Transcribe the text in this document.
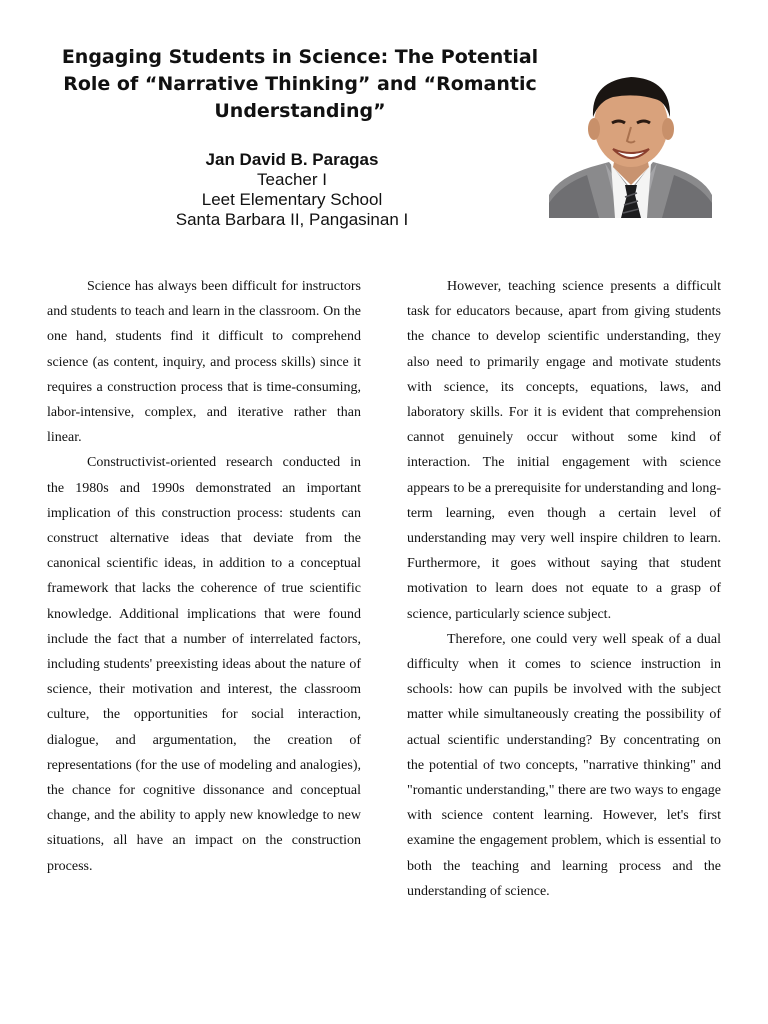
Engaging Students in Science: The Potential
Role of “Narrative Thinking” and “Romantic
Understanding”
Jan David B. Paragas
Teacher I
Leet Elementary School
Santa Barbara II, Pangasinan I

Science has always been difficult for instructors and students to teach and learn in the classroom. On the one hand, students find it difficult to comprehend science (as content, inquiry, and process skills) since it requires a construction process that is time-consuming, labor-intensive, complex, and iterative rather than linear.

Constructivist-oriented research conducted in the 1980s and 1990s demonstrated an important implication of this construction process: students can construct alternative ideas that deviate from the canonical scientific ideas, in addition to a conceptual framework that lacks the coherence of true scientific knowledge. Additional implications that were found include the fact that a number of interrelated factors, including students' preexisting ideas about the nature of science, their motivation and interest, the classroom culture, the opportunities for social interaction, dialogue, and argumentation, the creation of representations (for the use of modeling and analogies), the chance for cognitive dissonance and conceptual change, and the ability to apply new knowledge to new situations, all have an impact on the construction process.

However, teaching science presents a difficult task for educators because, apart from giving students the chance to develop scientific understanding, they also need to primarily engage and motivate students with science, its concepts, equations, laws, and laboratory skills. For it is evident that comprehension cannot genuinely occur without some kind of interaction. The initial engagement with science appears to be a prerequisite for understanding and long-term learning, even though a certain level of understanding may very well inspire children to learn. Furthermore, it goes without saying that student motivation to learn does not equate to a grasp of science, particularly science subject.

Therefore, one could very well speak of a dual difficulty when it comes to science instruction in schools: how can pupils be involved with the subject matter while simultaneously creating the possibility of actual scientific understanding? By concentrating on the potential of two concepts, "narrative thinking" and "romantic understanding," there are two ways to engage with science content learning. However, let's first examine the engagement problem, which is essential to both the teaching and learning process and the understanding of science.
